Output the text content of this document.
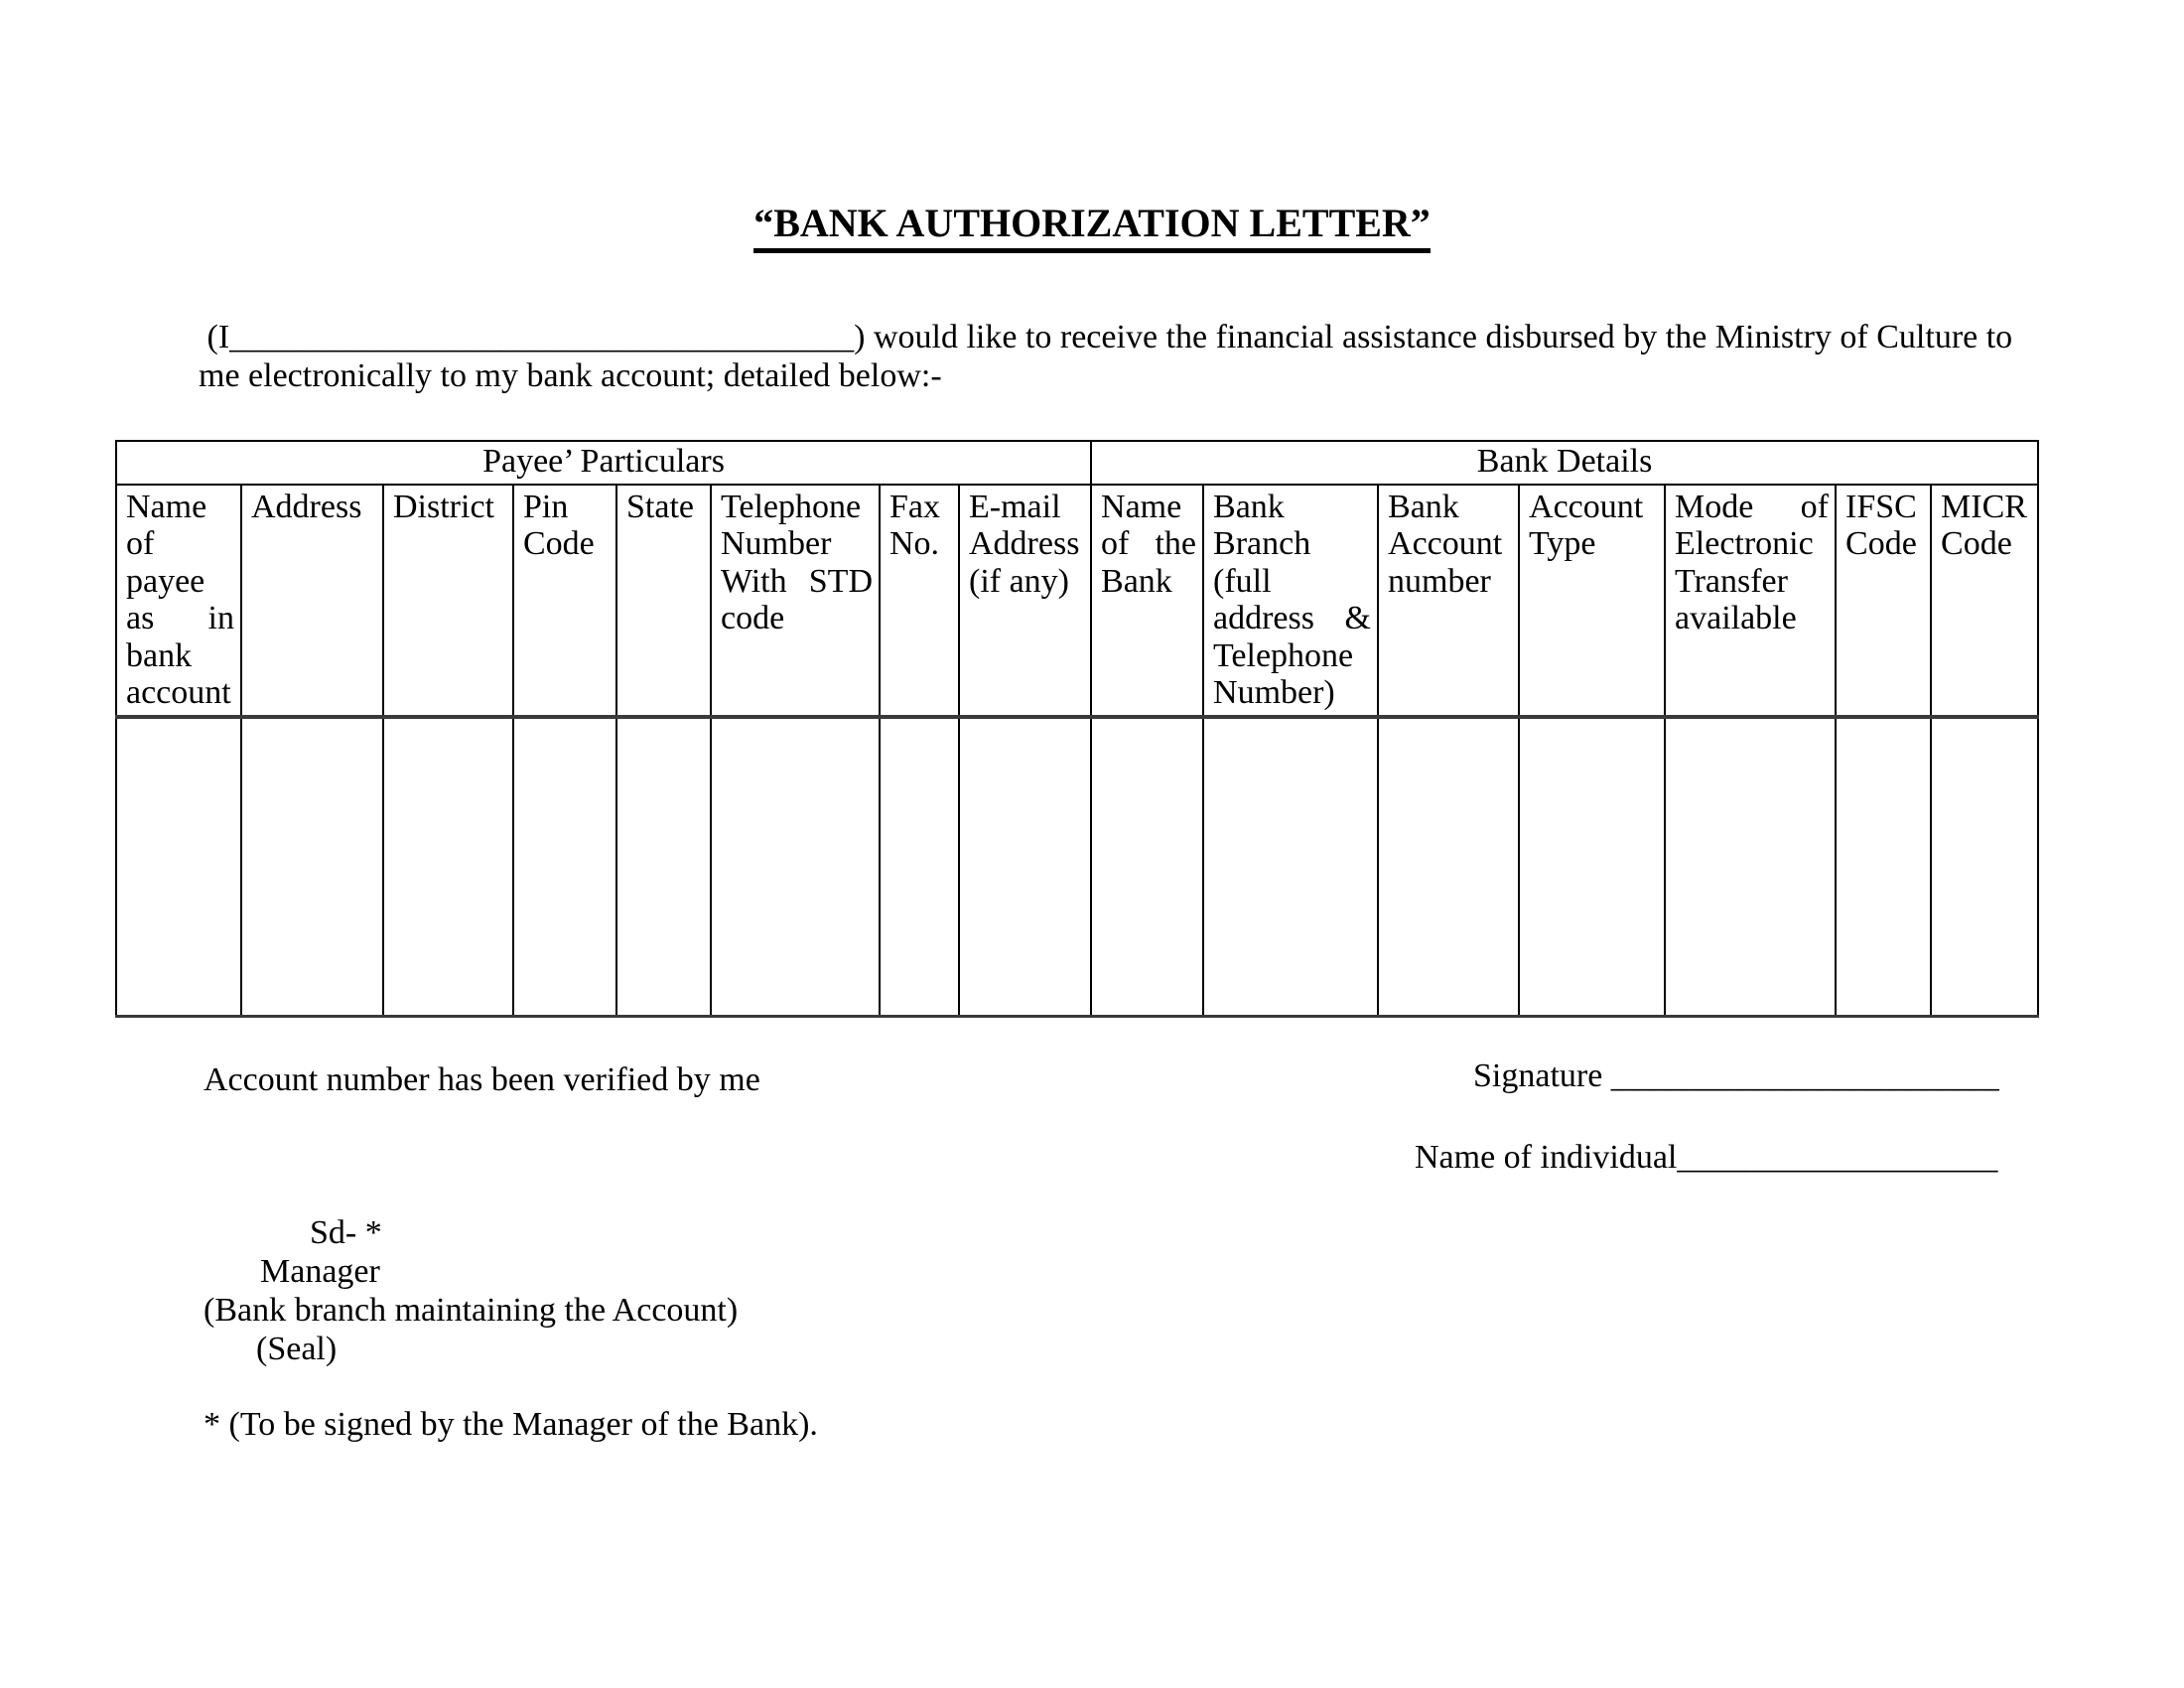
“BANK AUTHORIZATION LETTER”
(I_____________________________________) would like to receive the financial assistance disbursed by the Ministry of Culture to
me electronically to my bank account; detailed below:-
Payee’ Particulars								Bank Details						
Name of payee as in bank account	Address	District	Pin Code	State	Telephone Number With STD code	Fax No.	E-mail Address (if any)	Name of the Bank	Bank Branch (full address & Telephone Number)	Bank Account number	Account Type	Mode of Electronic Transfer available	IFSC Code	MICR Code

Account number has been verified by me	Signature _______________________
Name of individual___________________
Sd- *
Manager
(Bank branch maintaining the Account)
(Seal)
* (To be signed by the Manager of the Bank).
